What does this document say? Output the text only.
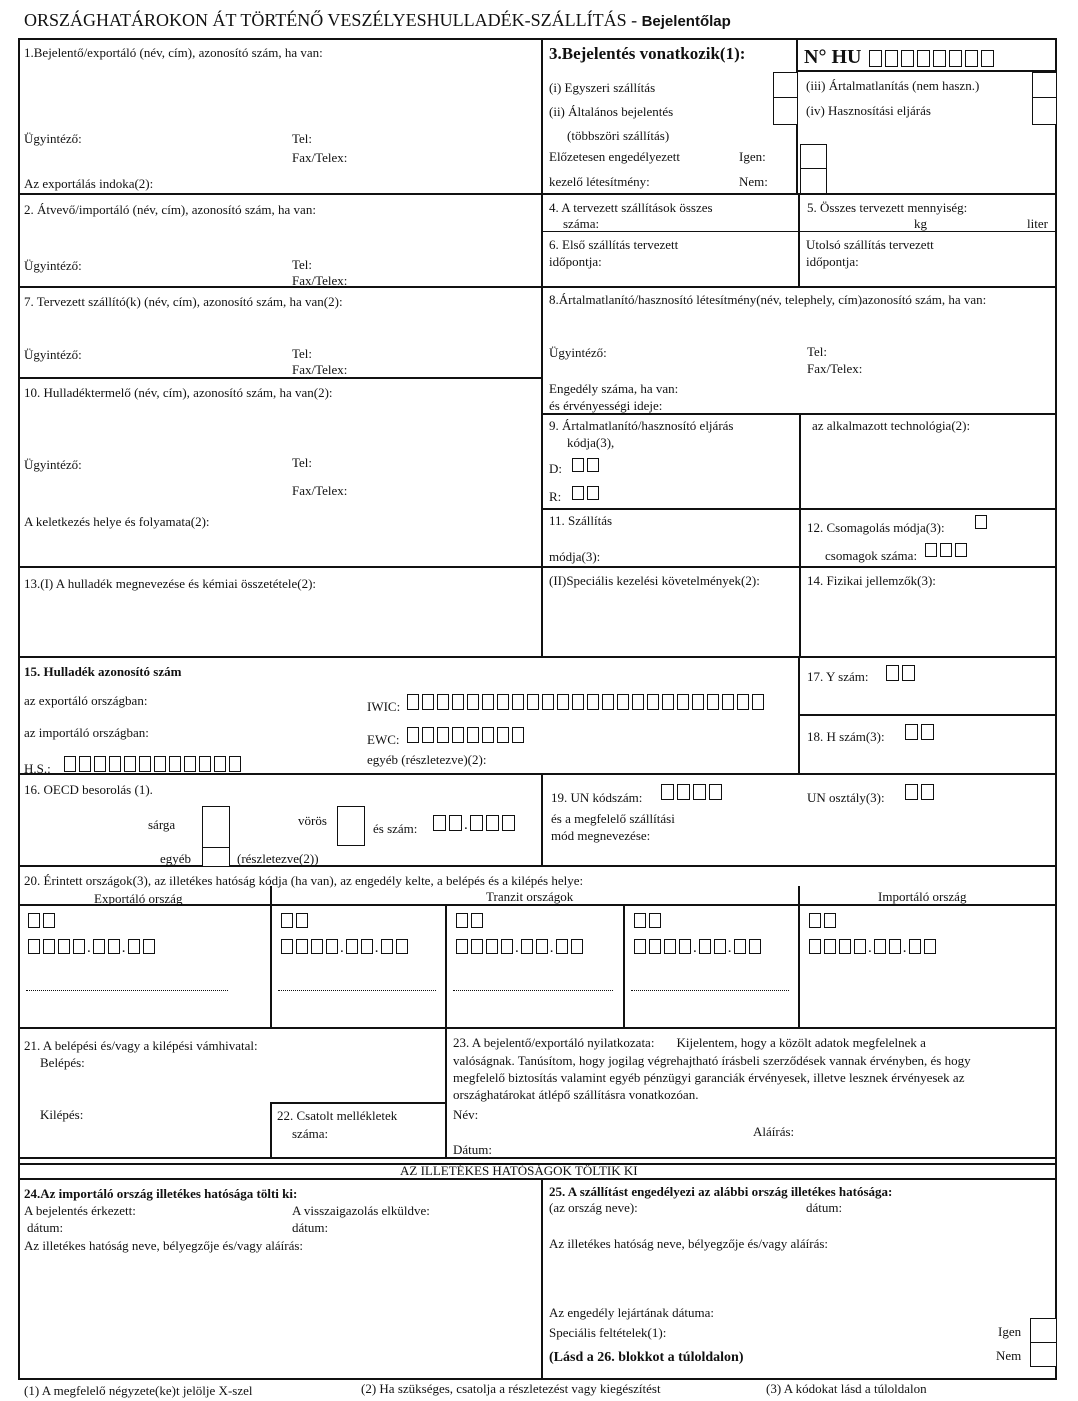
ORSZÁGHATÁROKON ÁT TÖRTÉNŐ VESZÉLYESHULLADÉK-SZÁLLÍTÁS - Bejelentőlap
1.Bejelentő/exportáló (név, cím), azonosító szám, ha van:
Ügyintéző:	Tel:
Fax/Telex:
Az exportálás indoka(2):
3.Bejelentés vonatkozik(1):	N° HU
(i) Egyszeri szállítás
(ii) Általános bejelentés
(többszöri szállítás)
(iii) Ártalmatlanítás (nem haszn.)
(iv) Hasznosítási eljárás
Előzetesen engedélyezett
kezelő létesítmény:
Igen:
Nem:
2. Átvevő/importáló (név, cím), azonosító szám, ha van:
Ügyintéző:	Tel:
Fax/Telex:
4. A tervezett szállítások összes
száma:
5. Összes tervezett mennyiség:
kg	liter
6. Első szállítás tervezett
időpontja:
Utolsó szállítás tervezett
időpontja:
7. Tervezett szállító(k) (név, cím), azonosító szám, ha van(2):
Ügyintéző:	Tel:
Fax/Telex:
8.Ártalmatlanító/hasznosító létesítmény(név, telephely, cím)azonosító szám, ha van:
Ügyintéző:	Tel:
Fax/Telex:
Engedély száma, ha van:
és érvényességi ideje:
10. Hulladéktermelő (név, cím), azonosító szám, ha van(2):
Ügyintéző:	Tel:
Fax/Telex:
A keletkezés helye és folyamata(2):
9. Ártalmatlanító/hasznosító eljárás
kódja(3),
D:
R:
az alkalmazott technológia(2):
11. Szállítás
módja(3):
12. Csomagolás módja(3):
csomagok száma:
13.(I) A hulladék megnevezése és kémiai összetétele(2):	(II)Speciális kezelési követelmények(2):	14. Fizikai jellemzők(3):
15. Hulladék azonosító szám
az exportáló országban:
az importáló országban:
IWIC:
EWC:
egyéb (részletezve)(2):
H.S.:
17. Y szám:
18. H szám(3):
16. OECD besorolás (1).
sárga	vörös
és szám:	.
egyéb	(részletezve(2))
19. UN kódszám:	UN osztály(3):
és a megfelelő szállítási
mód megnevezése:
20. Érintett országok(3), az illetékes hatóság kódja (ha van), az engedély kelte, a belépés és a kilépés helye:
Exportáló ország	Tranzit országok	Importáló ország
. .	. .	. .	. .	. .
21. A belépési és/vagy a kilépési vámhivatal:
Belépés:
Kilépés:	22. Csatolt mellékletek
száma:
23. A bejelentő/exportáló nyilatkozata: Kijelentem, hogy a közölt adatok megfelelnek a
valóságnak. Tanúsítom, hogy jogilag végrehajtható írásbeli szerződések vannak érvényben, és hogy
megfelelő biztosítás valamint egyéb pénzügyi garanciák érvényesek, illetve lesznek érvényesek az
országhatárokat átlépő szállításra vonatkozóan.
Név:
Aláírás:
Dátum:
AZ ILLETÉKES HATÓSÁGOK TÖLTIK KI
24.Az importáló ország illetékes hatósága tölti ki:
A bejelentés érkezett:
dátum:
A visszaigazolás elküldve:
dátum:
Az illetékes hatóság neve, bélyegzője és/vagy aláírás:
25. A szállítást engedélyezi az alábbi ország illetékes hatósága:
(az ország neve):	dátum:
Az illetékes hatóság neve, bélyegzője és/vagy aláírás:
Az engedély lejártának dátuma:
Speciális feltételek(1):	Igen
Nem
(Lásd a 26. blokkot a túloldalon)
(1) A megfelelő négyzete(ke)t jelölje X-szel	(2) Ha szükséges, csatolja a részletezést vagy kiegészítést	(3) A kódokat lásd a túloldalon
